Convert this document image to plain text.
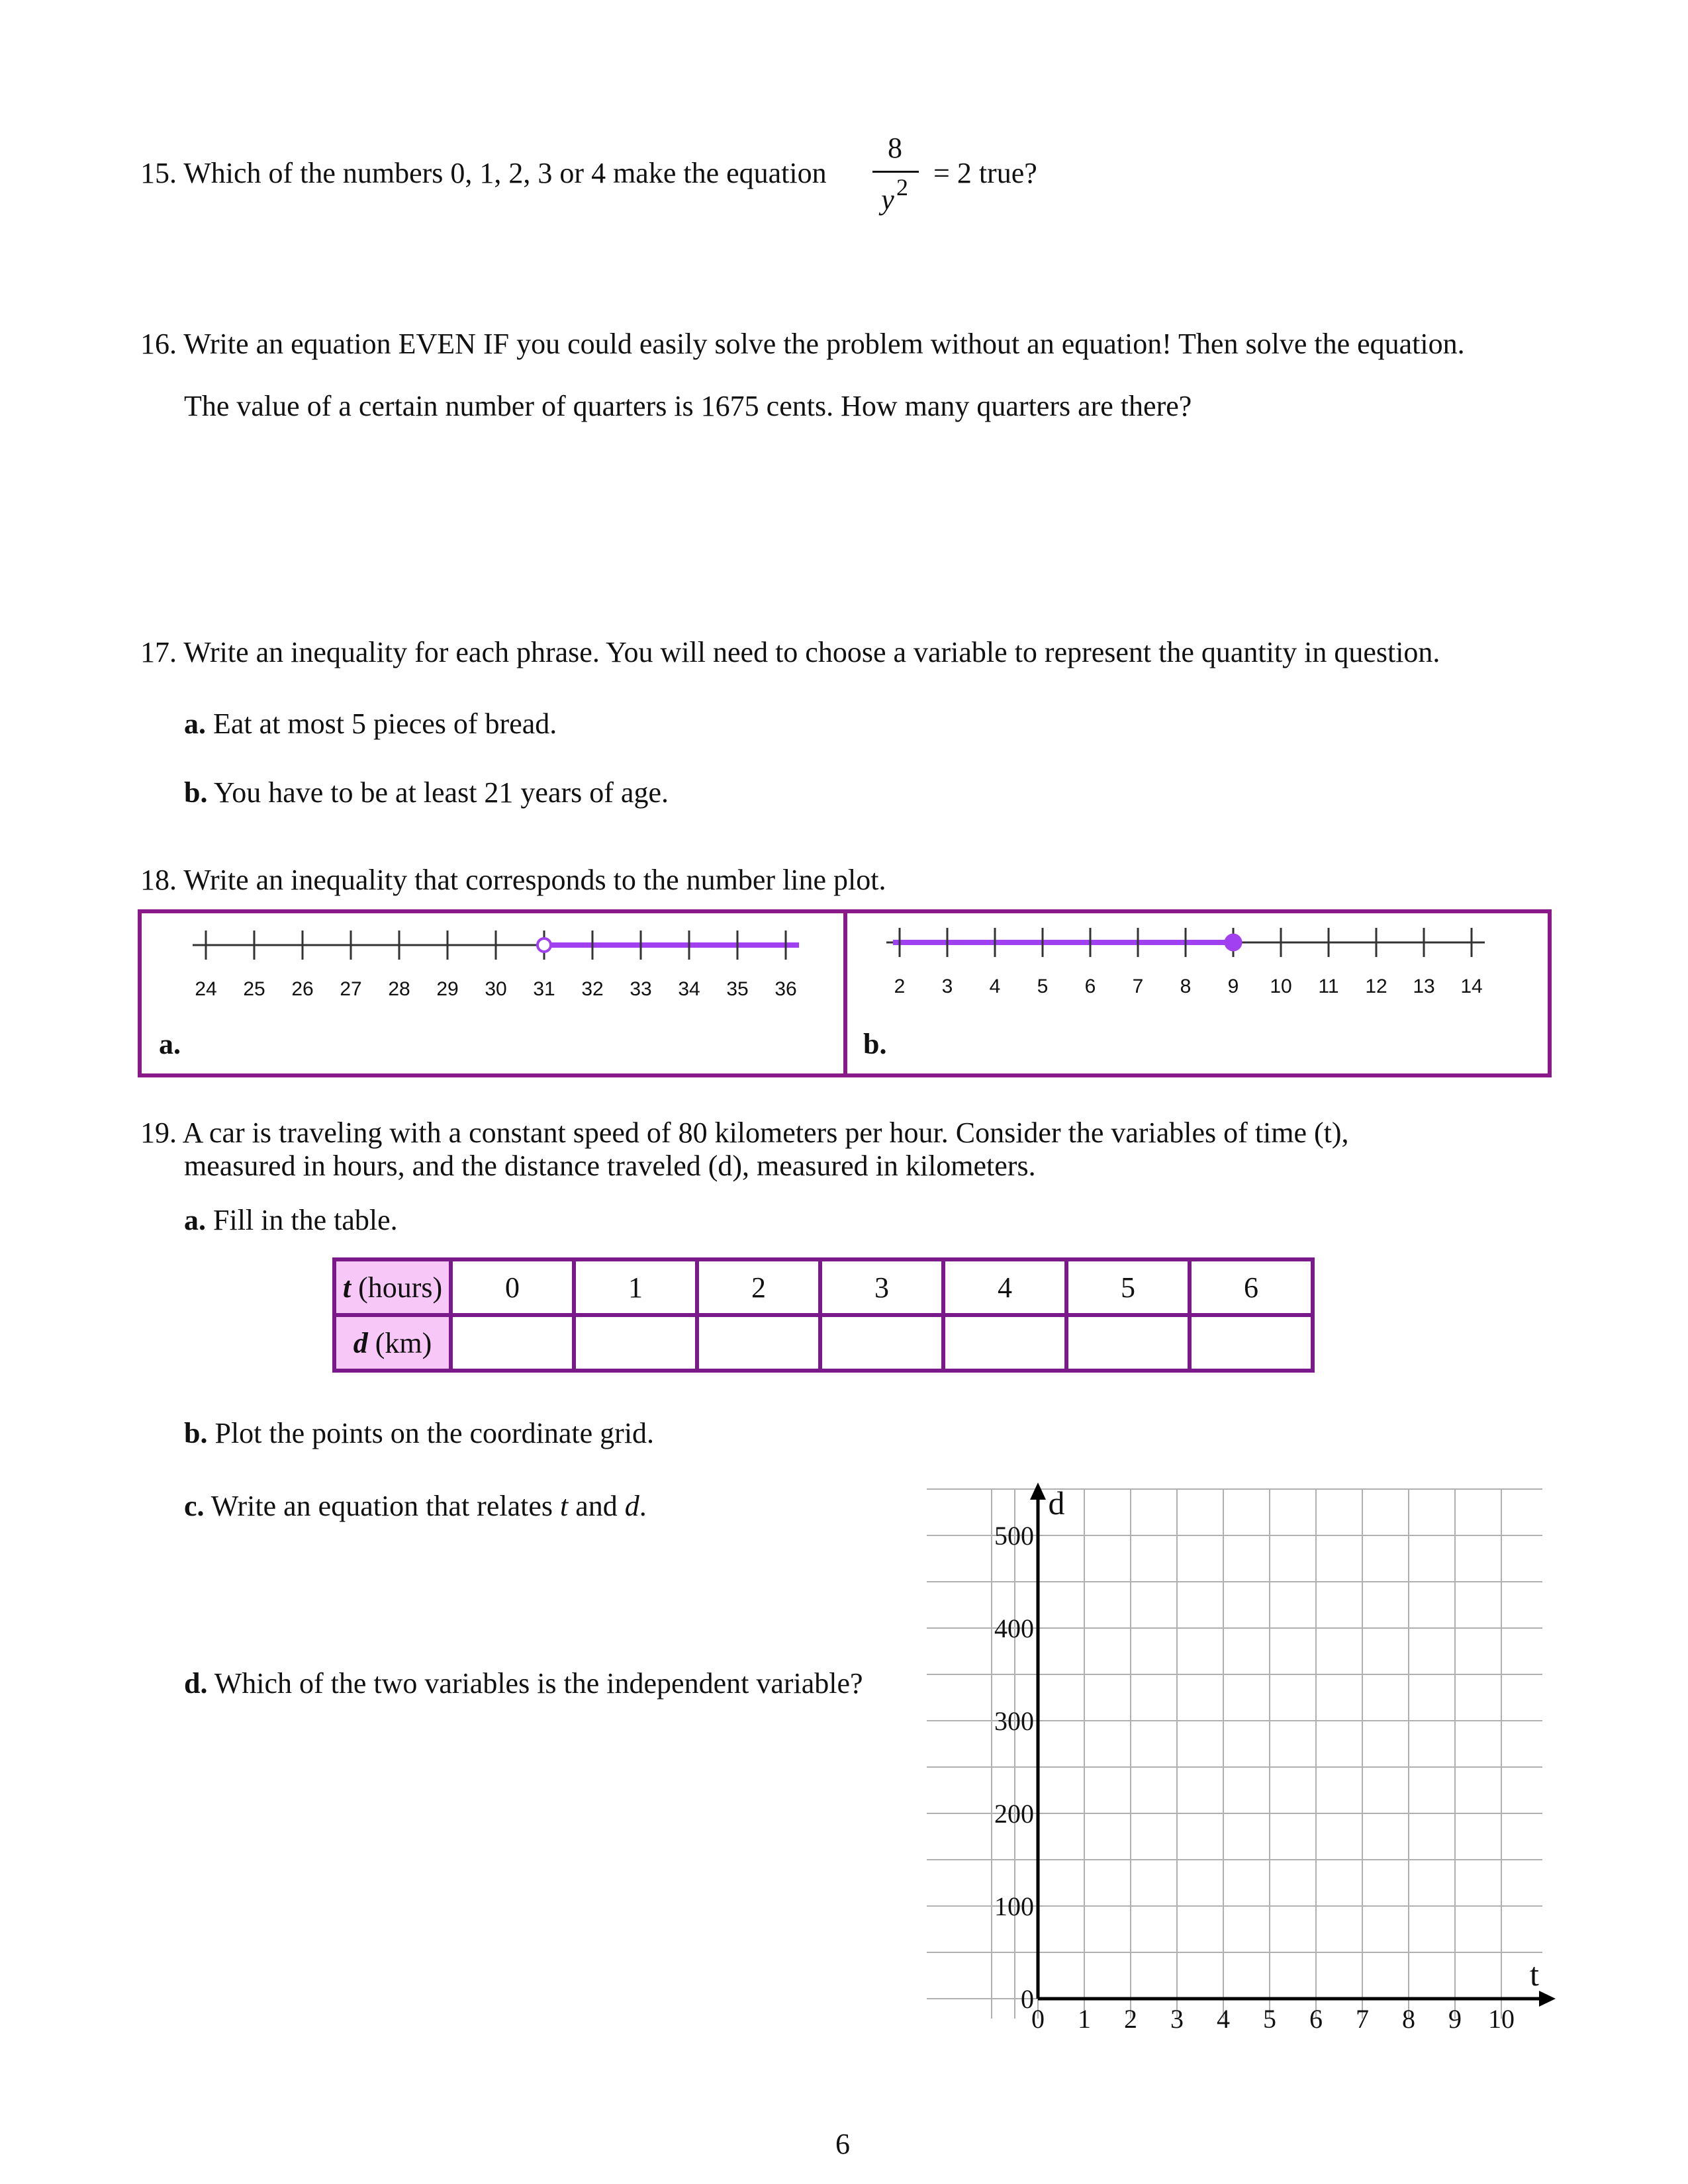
15. Which of the numbers 0, 1, 2, 3 or 4 make the equation
8
y 2 = 2 true?
16. Write an equation EVEN IF you could easily solve the problem without an equation! Then solve the equation.
The value of a certain number of quarters is 1675 cents. How many quarters are there?
17. Write an inequality for each phrase. You will need to choose a variable to represent the quantity in question.
a. Eat at most 5 pieces of bread.
b. You have to be at least 21 years of age.
18. Write an inequality that corresponds to the number line plot.
24 25 26 27 28 29 30 31 32 33 34 35 36
a.
2 3 4 5 6 7 8 9 10 11 12 13 14
b.
19. A car is traveling with a constant speed of 80 kilometers per hour. Consider the variables of time (t),
measured in hours, and the distance traveled (d), measured in kilometers.
a. Fill in the table.
t (hours)	0	1	2	3	4	5	6
d (km)							
b. Plot the points on the coordinate grid.
c. Write an equation that relates t and d.
d. Which of the two variables is the independent variable?
t
d
0 1 2 3 4 5 6 7 8 9 10
0
100
200
300
400
500
6
